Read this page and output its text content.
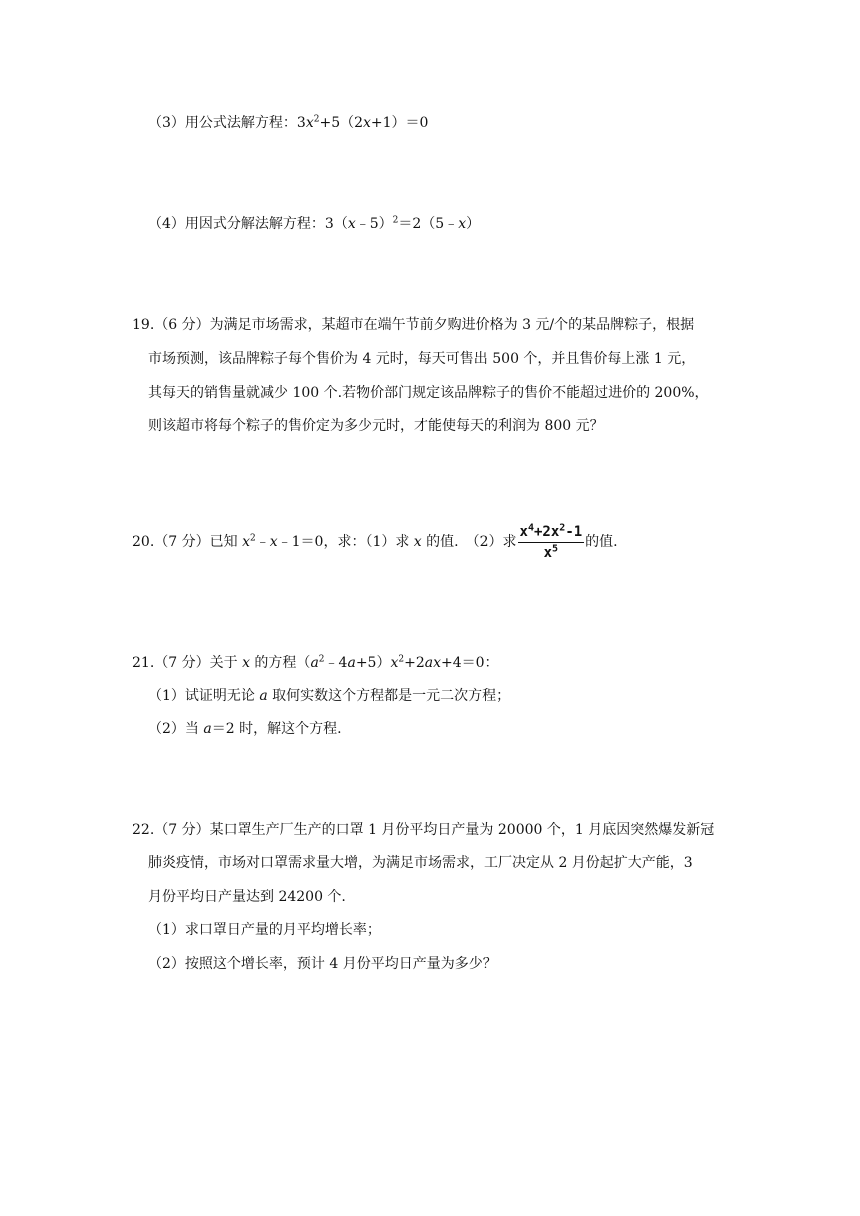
（3）用公式法解方程：$3x^2+5(2x+1)=0$
（4）用因式分解法解方程：3（x﹣5）$^2$＝2（5﹣x）
19.（6 分）为满足市场需求，某超市在端午节前夕购进价格为 3 元/个的某品牌粽子，根据
市场预测，该品牌粽子每个售价为 4 元时，每天可售出 500 个，并且售价每上涨 1 元，
其每天的销售量就减少 100 个.若物价部门规定该品牌粽子的售价不能超过进价的 200%，
则该超市将每个粽子的售价定为多少元时，才能使每天的利润为 800 元？
20.（7 分）已知 $x^2﹣x﹣1=0$，求：（1）求 x 的值.　（2）求 $\frac{x^4+2x^2-1}{x^5}$ 的值.
21.（7 分）关于 x 的方程$(a^2﹣4a+5)x^2+2ax+4=0$：
（1）试证明无论 a 取何实数这个方程都是一元二次方程；
（2）当 a＝2 时，解这个方程.
22.（7 分）某口罩生产厂生产的口罩 1 月份平均日产量为 20000 个，1 月底因突然爆发新冠
肺炎疫情，市场对口罩需求量大增，为满足市场需求，工厂决定从 2 月份起扩大产能，3
月份平均日产量达到 24200 个.
（1）求口罩日产量的月平均增长率；
（2）按照这个增长率，预计 4 月份平均日产量为多少？
